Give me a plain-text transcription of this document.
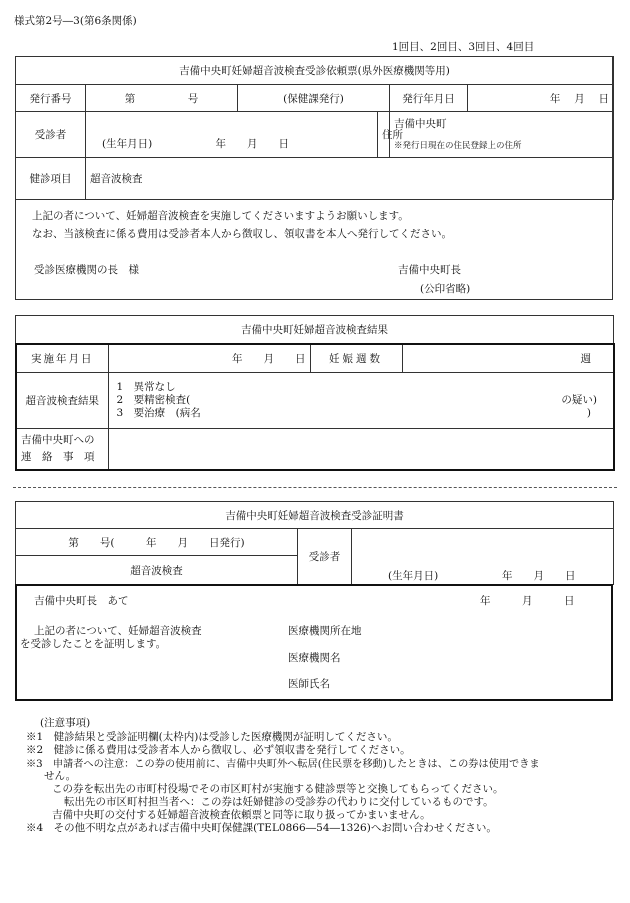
様式第2号―3(第6条関係)
1回目、2回目、3回目、4回目
吉備中央町妊婦超音波検査受診依頼票(県外医療機関等用)					
発行番号	第　　　　　号	(保健課発行)		発行年月日	年　 月　 日
受診者	(生年月日) 年　　月　　日		住所	吉備中央町
※発行日現在の住民登録上の住所	

健診項目	超音波検査				
上記の者について、妊婦超音波検査を実施してくださいますようお願いします。
なお、当該検査に係る費用は受診者本人から徴収し、領収書を本人へ発行してください。
受診医療機関の長　様	吉備中央町長
(公印省略)
吉備中央町妊婦超音波検査結果
実施年月日	年　　月　　日	妊娠週数	週
超音波検査結果	1　異常なし
2　要精密検査( の疑い)
3　要治療　(病名 )		

吉備中央町への
連　絡　事　項			

吉備中央町妊婦超音波検査受診証明書
第　　号(　　　年　　月　　日発行)	受診者	
超音波検査	(生年月日)	年　　月　　日
吉備中央町長　あて	年　　　月　　　日
上記の者について、妊婦超音波検査
を受診したことを証明します。
医療機関所在地
医療機関名
医師氏名
(注意事項)
※1　健診結果と受診証明欄(太枠内)は受診した医療機関が証明してください。
※2　健診に係る費用は受診者本人から徴収し、必ず領収書を発行してください。
※3　申請者への注意：この券の使用前に、吉備中央町外へ転居(住民票を移動)したときは、この券は使用できま
せん。
この券を転出先の市町村役場でその市区町村が実施する健診票等と交換してもらってください。
転出先の市区町村担当者へ：この券は妊婦健診の受診券の代わりに交付しているものです。
吉備中央町の交付する妊婦超音波検査依頼票と同等に取り扱ってかまいません。
※4　その他不明な点があれば吉備中央町保健課(TEL0866―54―1326)へお問い合わせください。
